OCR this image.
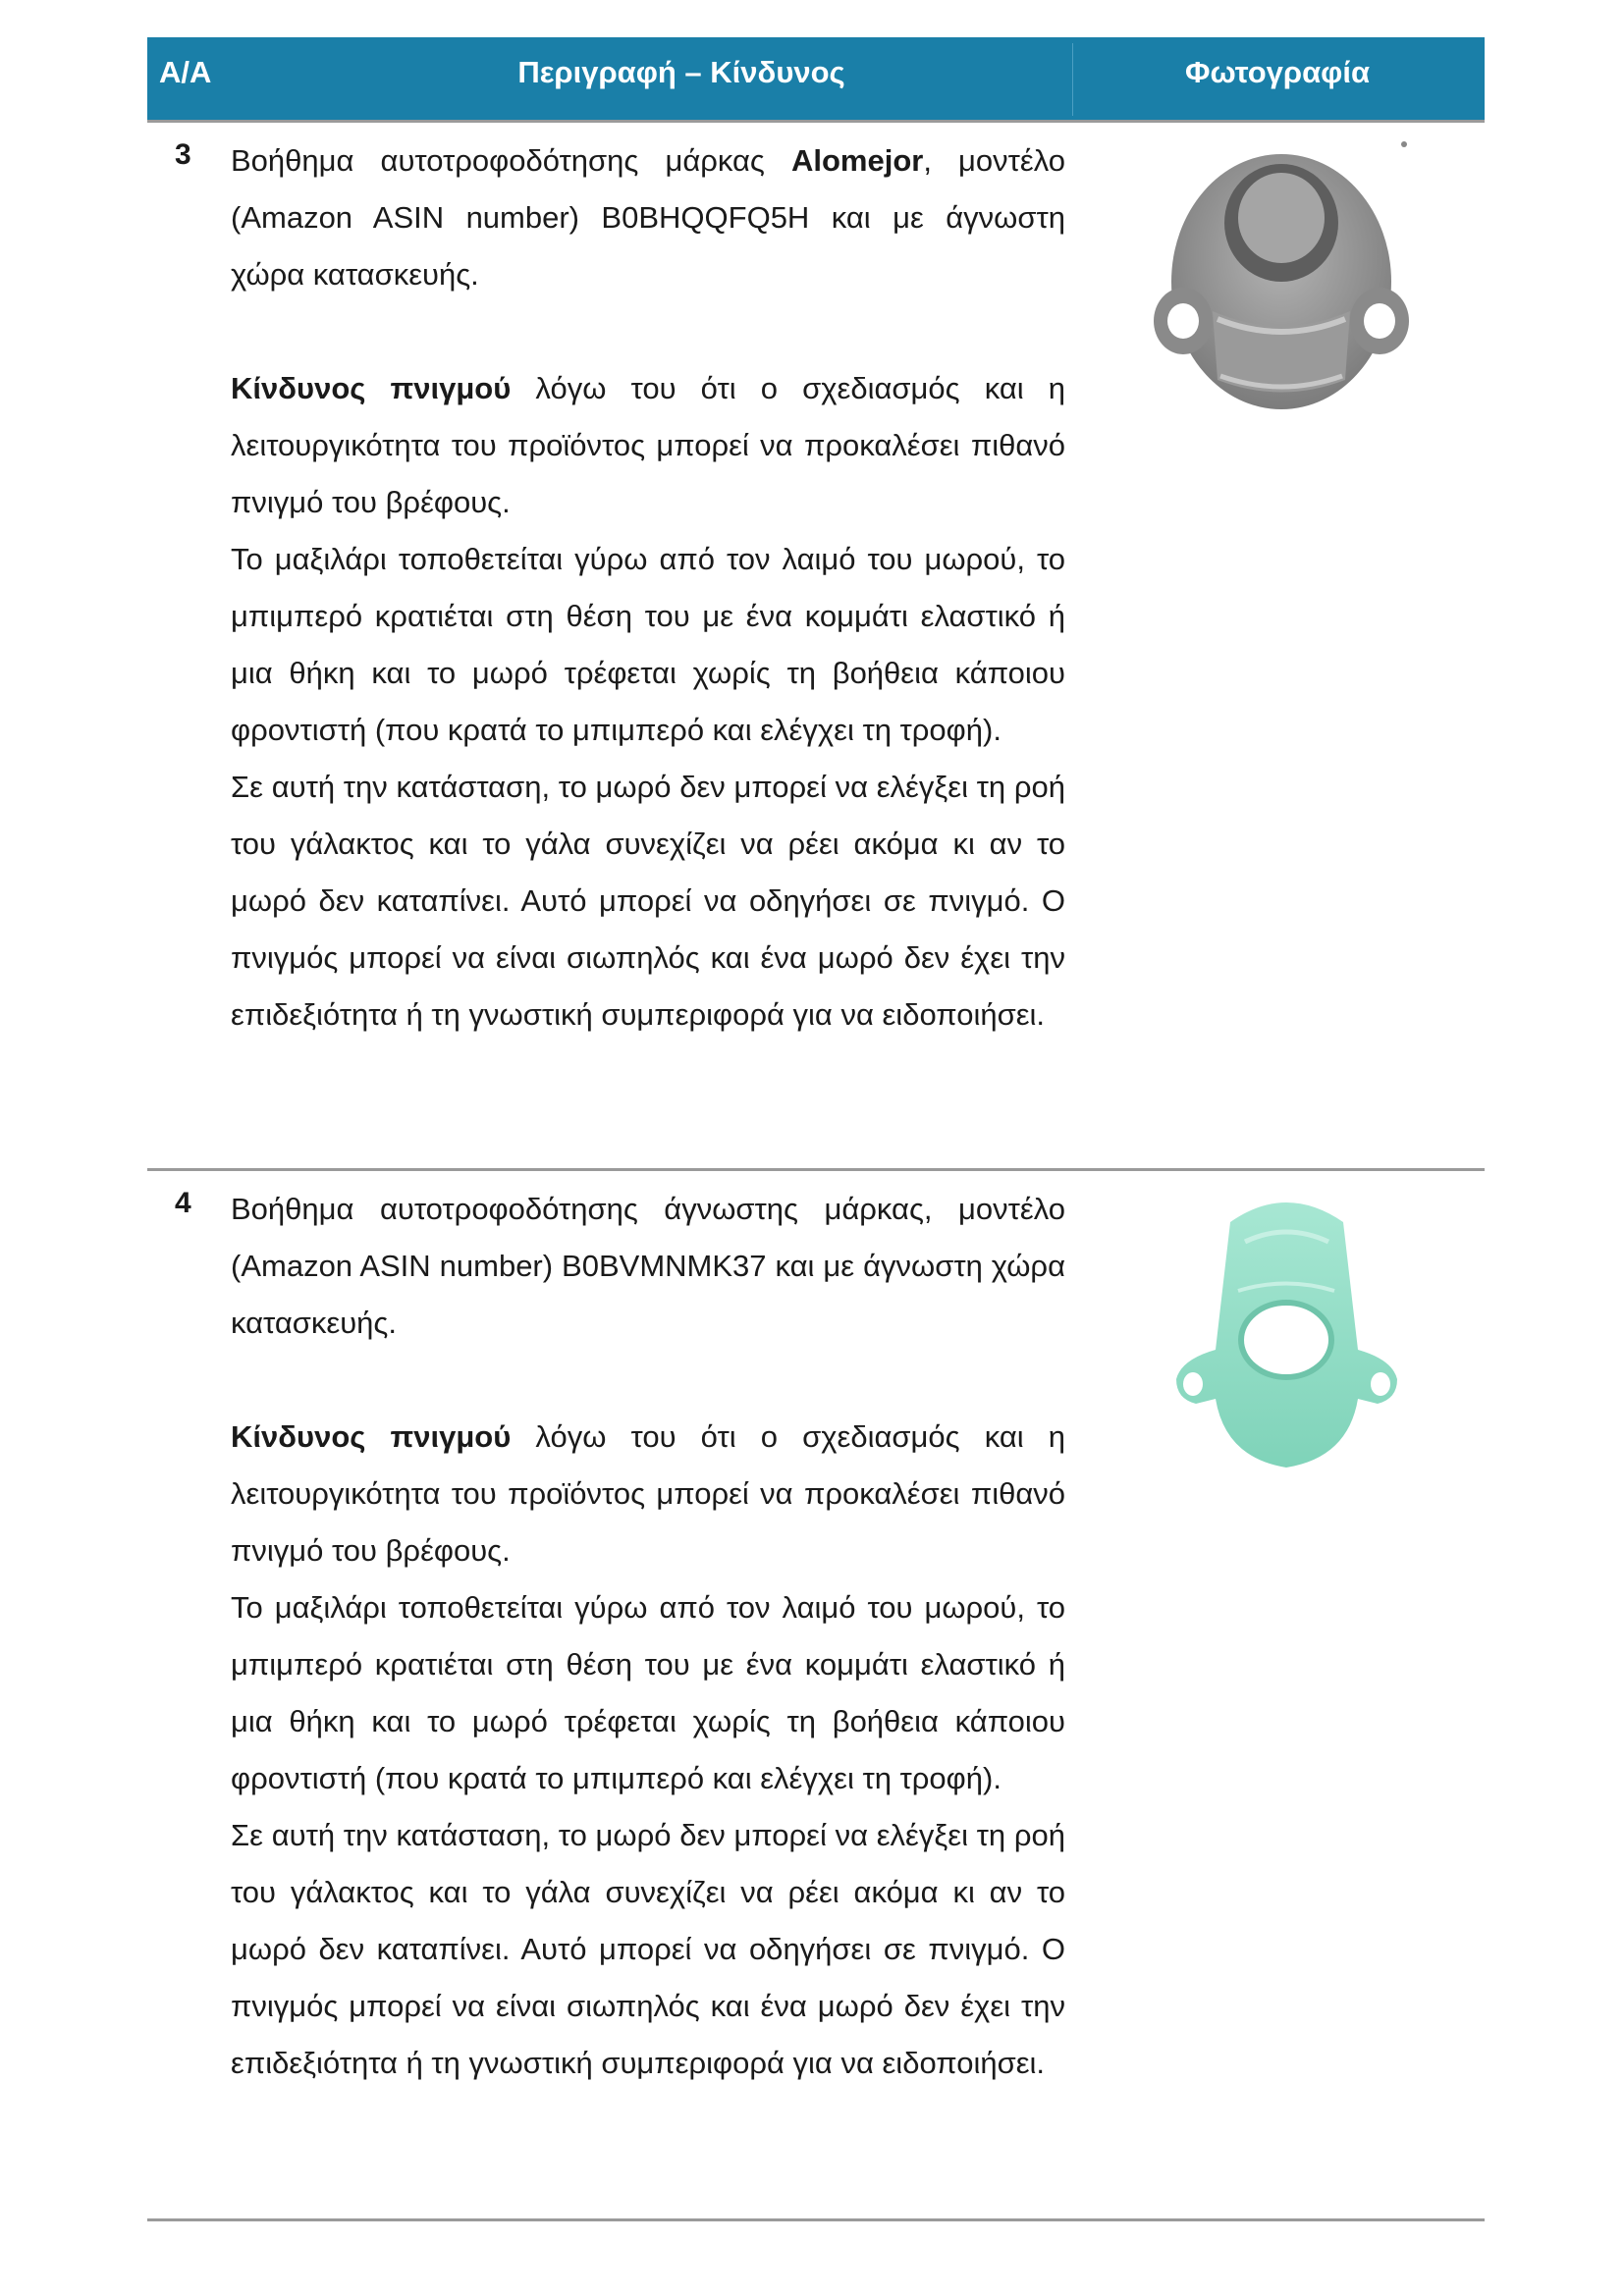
Α/Α	Περιγραφή – Κίνδυνος	Φωτογραφία
3 Βοήθημα αυτοτροφοδότησης μάρκας Alomejor, μοντέλο (Amazon ASIN number) B0BHQQFQ5H και με άγνωστη χώρα κατασκευής.

Κίνδυνος πνιγμού λόγω του ότι ο σχεδιασμός και η λειτουργικότητα του προϊόντος μπορεί να προκαλέσει πιθανό πνιγμό του βρέφους.

Το μαξιλάρι τοποθετείται γύρω από τον λαιμό του μωρού, το μπιμπερό κρατιέται στη θέση του με ένα κομμάτι ελαστικό ή μια θήκη και το μωρό τρέφεται χωρίς τη βοήθεια κάποιου φροντιστή (που κρατά το μπιμπερό και ελέγχει τη τροφή).

Σε αυτή την κατάσταση, το μωρό δεν μπορεί να ελέγξει τη ροή του γάλακτος και το γάλα συνεχίζει να ρέει ακόμα κι αν το μωρό δεν καταπίνει. Αυτό μπορεί να οδηγήσει σε πνιγμό. Ο πνιγμός μπορεί να είναι σιωπηλός και ένα μωρό δεν έχει την επιδεξιότητα ή τη γνωστική συμπεριφορά για να ειδοποιήσει.

4 Βοήθημα αυτοτροφοδότησης άγνωστης μάρκας, μοντέλο (Amazon ASIN number) B0BVMNMK37 και με άγνωστη χώρα κατασκευής.

Κίνδυνος πνιγμού λόγω του ότι ο σχεδιασμός και η λειτουργικότητα του προϊόντος μπορεί να προκαλέσει πιθανό πνιγμό του βρέφους.

Το μαξιλάρι τοποθετείται γύρω από τον λαιμό του μωρού, το μπιμπερό κρατιέται στη θέση του με ένα κομμάτι ελαστικό ή μια θήκη και το μωρό τρέφεται χωρίς τη βοήθεια κάποιου φροντιστή (που κρατά το μπιμπερό και ελέγχει τη τροφή).

Σε αυτή την κατάσταση, το μωρό δεν μπορεί να ελέγξει τη ροή του γάλακτος και το γάλα συνεχίζει να ρέει ακόμα κι αν το μωρό δεν καταπίνει. Αυτό μπορεί να οδηγήσει σε πνιγμό. Ο πνιγμός μπορεί να είναι σιωπηλός και ένα μωρό δεν έχει την επιδεξιότητα ή τη γνωστική συμπεριφορά για να ειδοποιήσει.
